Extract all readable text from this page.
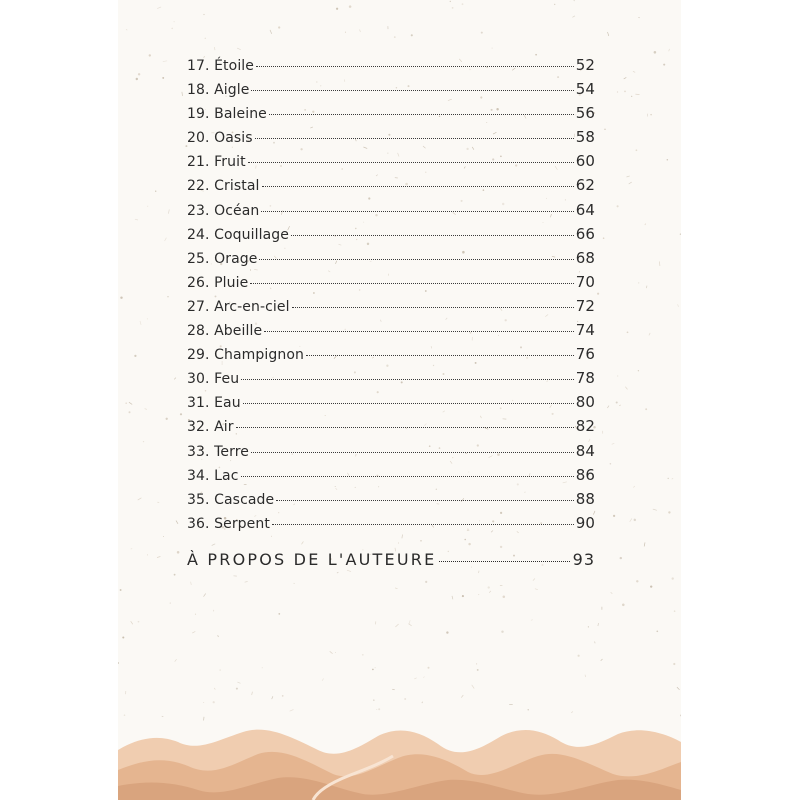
17. Étoile	52
18. Aigle	54
19. Baleine	56
20. Oasis	58
21. Fruit	60
22. Cristal	62
23. Océan	64
24. Coquillage	66
25. Orage	68
26. Pluie	70
27. Arc-en-ciel	72
28. Abeille	74
29. Champignon	76
30. Feu	78
31. Eau	80
32. Air	82
33. Terre	84
34. Lac	86
35. Cascade	88
36. Serpent	90
À PROPOS DE L'AUTEURE	93
